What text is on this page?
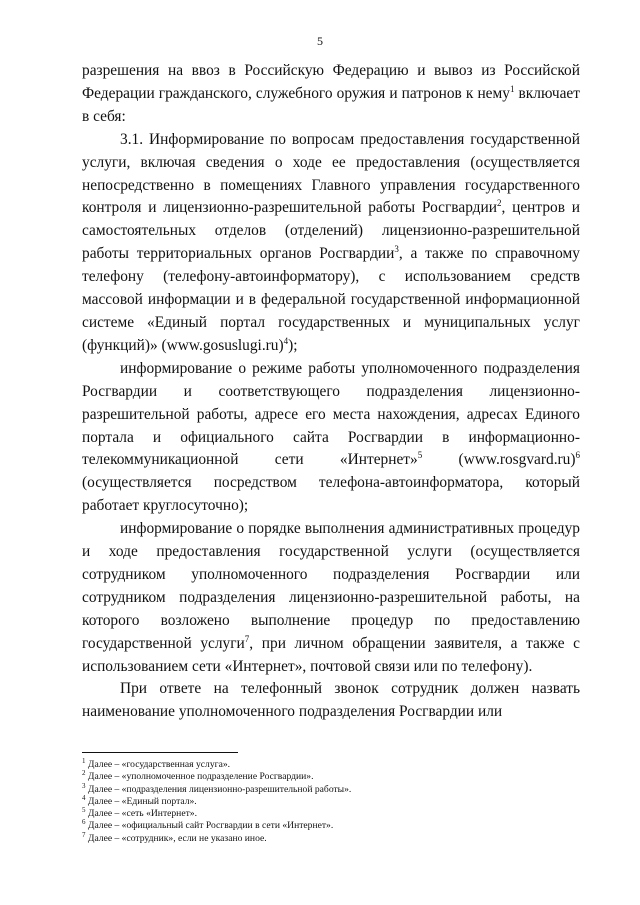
5

разрешения на ввоз в Российскую Федерацию и вывоз из Российской Федерации гражданского, служебного оружия и патронов к нему$^1$ включает в себя:

3.1. Информирование по вопросам предоставления государственной услуги, включая сведения о ходе ее предоставления (осуществляется непосредственно в помещениях Главного управления государственного контроля и лицензионно-разрешительной работы Росгвардии$^2$, центров и самостоятельных отделов (отделений) лицензионно-разрешительной работы территориальных органов Росгвардии$^3$, а также по справочному телефону (телефону-автоинформатору), с использованием средств массовой информации и в федеральной государственной информационной системе «Единый портал государственных и муниципальных услуг (функций)» (www.gosuslugi.ru)$^4$);

информирование о режиме работы уполномоченного подразделения Росгвардии и соответствующего подразделения лицензионно-разрешительной работы, адресе его места нахождения, адресах Единого портала и официального сайта Росгвардии в информационно-телекоммуникационной сети «Интернет»$^5$ (www.rosgvard.ru)$^6$ (осуществляется посредством телефона-автоинформатора, который работает круглосуточно);

информирование о порядке выполнения административных процедур и ходе предоставления государственной услуги (осуществляется сотрудником уполномоченного подразделения Росгвардии или сотрудником подразделения лицензионно-разрешительной работы, на которого возложено выполнение процедур по предоставлению государственной услуги$^7$, при личном обращении заявителя, а также с использованием сети «Интернет», почтовой связи или по телефону).

При ответе на телефонный звонок сотрудник должен назвать наименование уполномоченного подразделения Росгвардии или

$^1$ Далее – «государственная услуга».

$^2$ Далее – «уполномоченное подразделение Росгвардии».

$^3$ Далее – «подразделения лицензионно-разрешительной работы».

$^4$ Далее – «Единый портал».

$^5$ Далее – «сеть «Интернет».

$^6$ Далее – «официальный сайт Росгвардии в сети «Интернет».

$^7$ Далее – «сотрудник», если не указано иное.
